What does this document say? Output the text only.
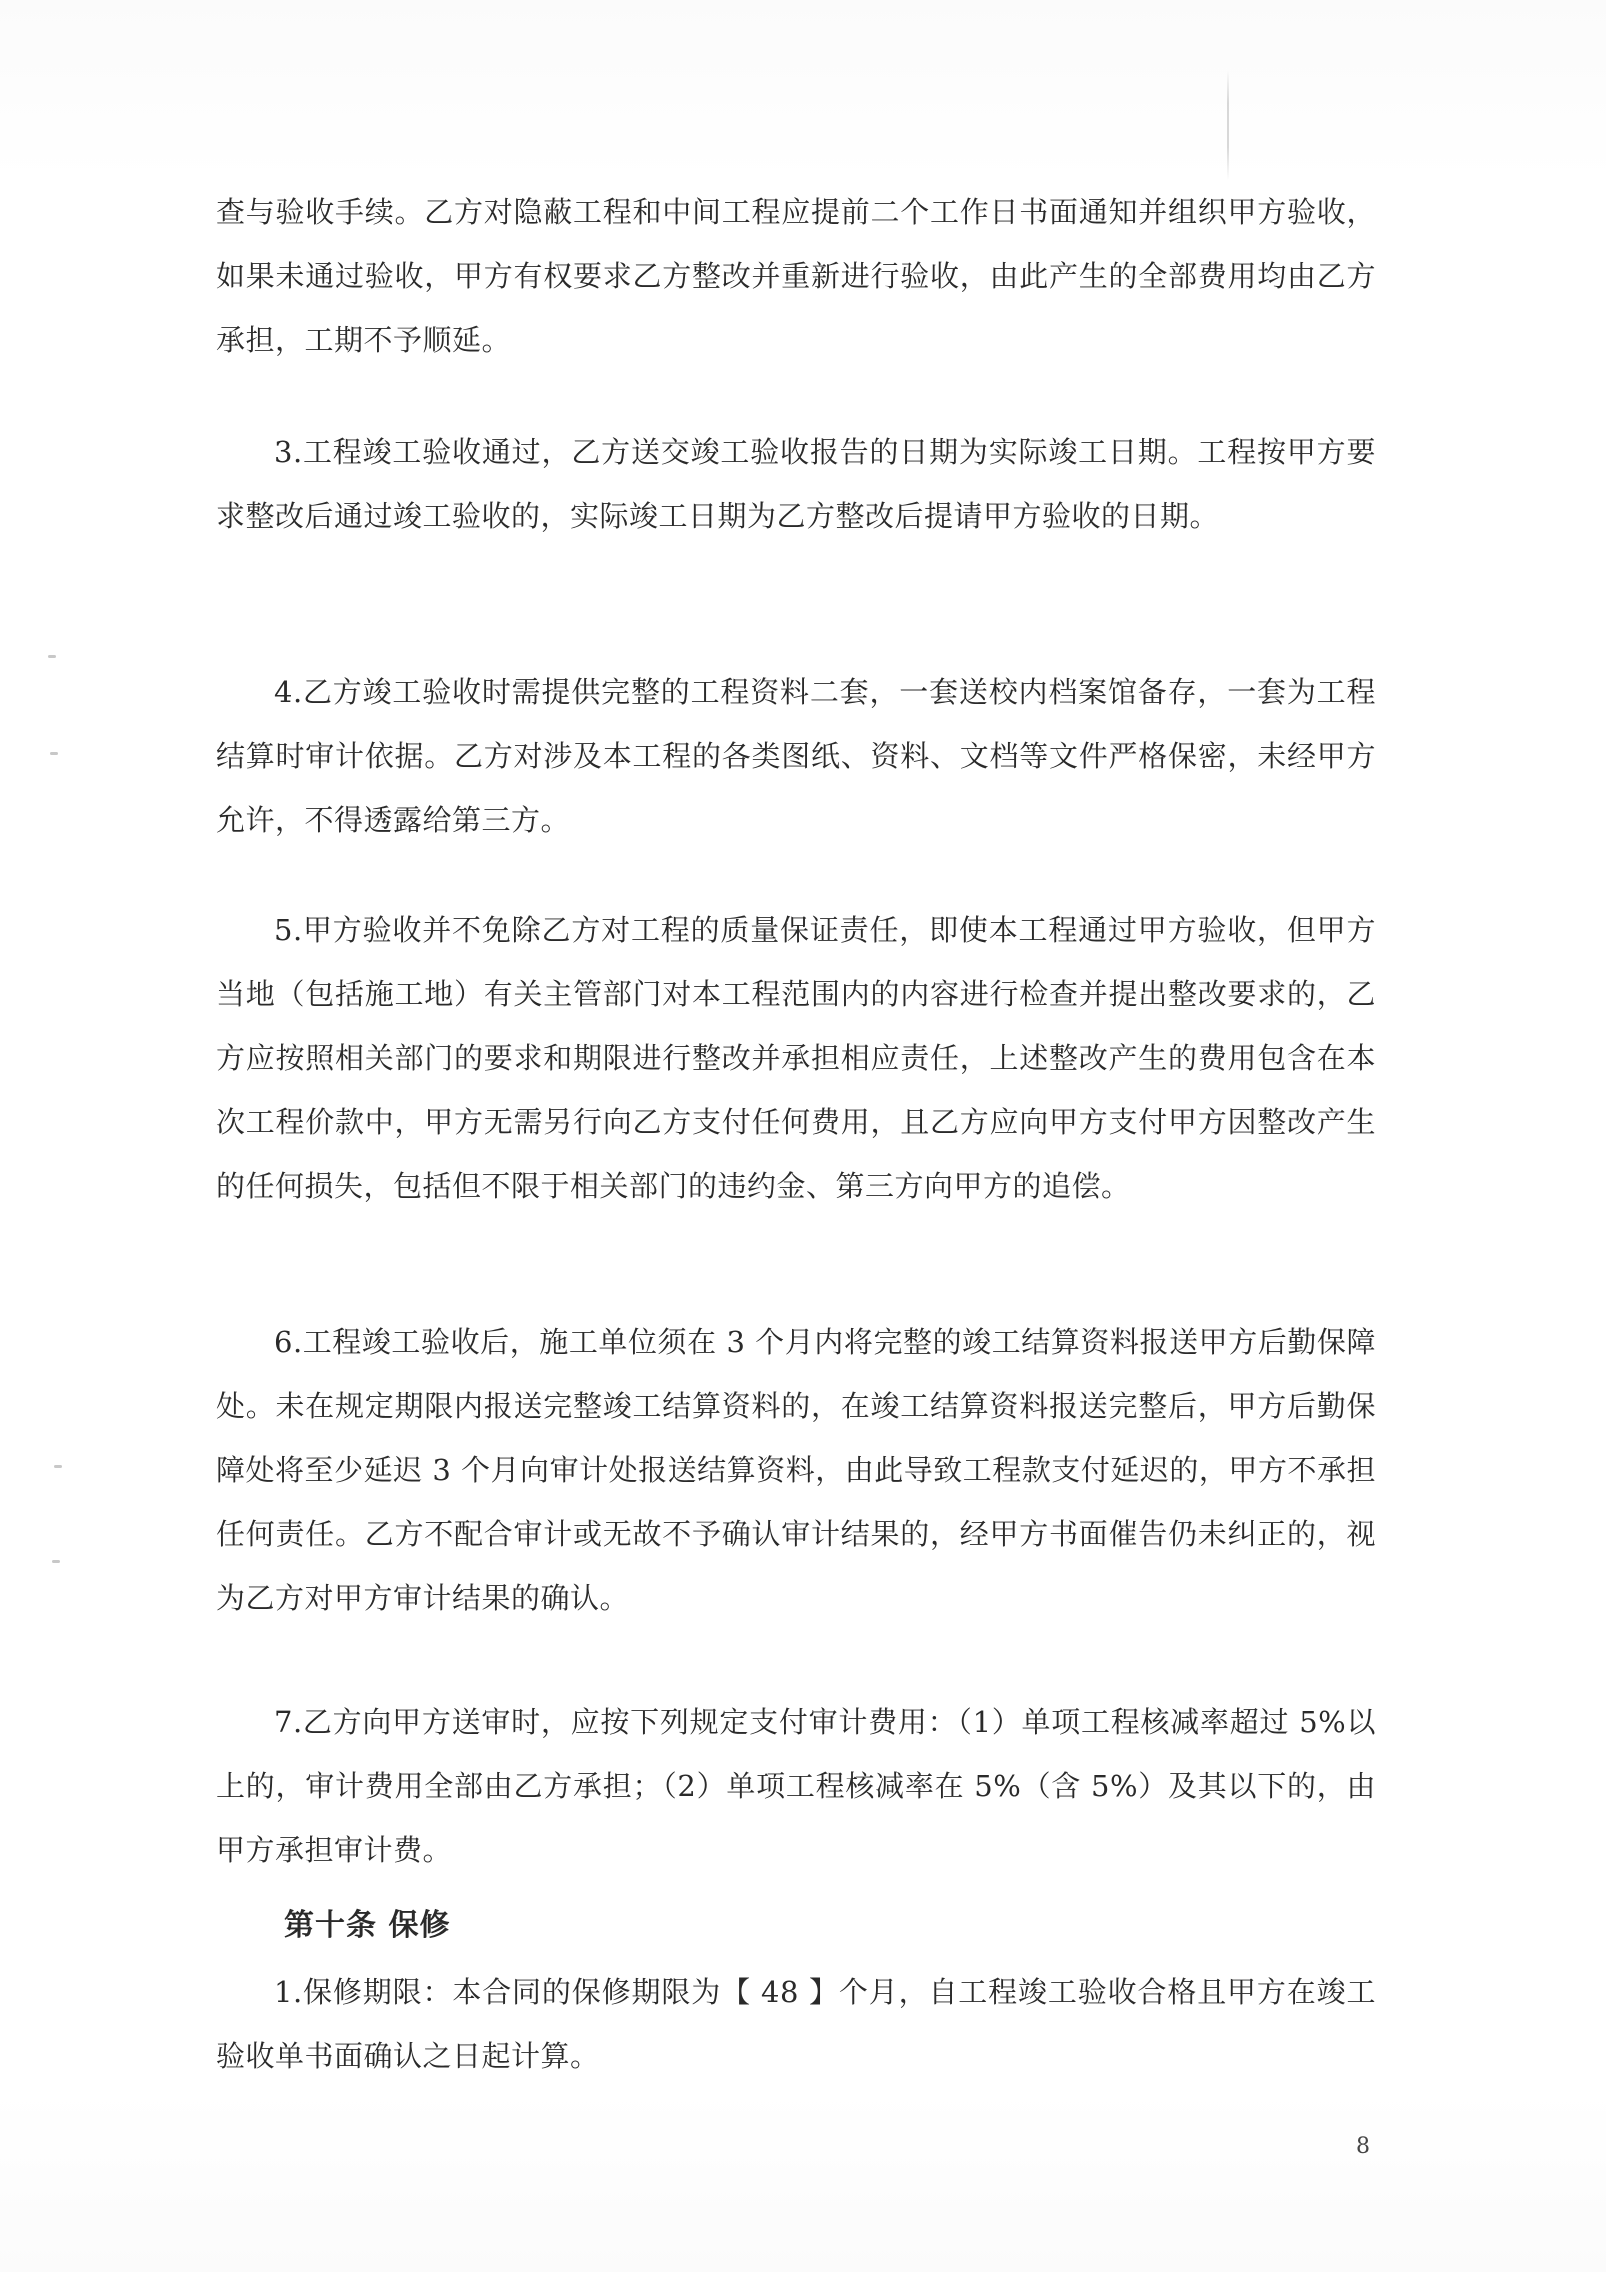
查与验收手续。乙方对隐蔽工程和中间工程应提前二个工作日书面通知并组织甲方验收，如果未通过验收，甲方有权要求乙方整改并重新进行验收，由此产生的全部费用均由乙方承担，工期不予顺延。

3.工程竣工验收通过，乙方送交竣工验收报告的日期为实际竣工日期。工程按甲方要求整改后通过竣工验收的，实际竣工日期为乙方整改后提请甲方验收的日期。

4.乙方竣工验收时需提供完整的工程资料二套，一套送校内档案馆备存，一套为工程结算时审计依据。乙方对涉及本工程的各类图纸、资料、文档等文件严格保密，未经甲方允许，不得透露给第三方。

5.甲方验收并不免除乙方对工程的质量保证责任，即使本工程通过甲方验收，但甲方当地（包括施工地）有关主管部门对本工程范围内的内容进行检查并提出整改要求的，乙方应按照相关部门的要求和期限进行整改并承担相应责任，上述整改产生的费用包含在本次工程价款中，甲方无需另行向乙方支付任何费用，且乙方应向甲方支付甲方因整改产生的任何损失，包括但不限于相关部门的违约金、第三方向甲方的追偿。

6.工程竣工验收后，施工单位须在 3 个月内将完整的竣工结算资料报送甲方后勤保障处。未在规定期限内报送完整竣工结算资料的，在竣工结算资料报送完整后，甲方后勤保障处将至少延迟 3 个月向审计处报送结算资料，由此导致工程款支付延迟的，甲方不承担任何责任。乙方不配合审计或无故不予确认审计结果的，经甲方书面催告仍未纠正的，视为乙方对甲方审计结果的确认。

7.乙方向甲方送审时，应按下列规定支付审计费用：（1）单项工程核减率超过 5%以上的，审计费用全部由乙方承担；（2）单项工程核减率在 5%（含 5%）及其以下的，由甲方承担审计费。

第十条 保修

1.保修期限：本合同的保修期限为【 48 】个月，自工程竣工验收合格且甲方在竣工验收单书面确认之日起计算。

8
